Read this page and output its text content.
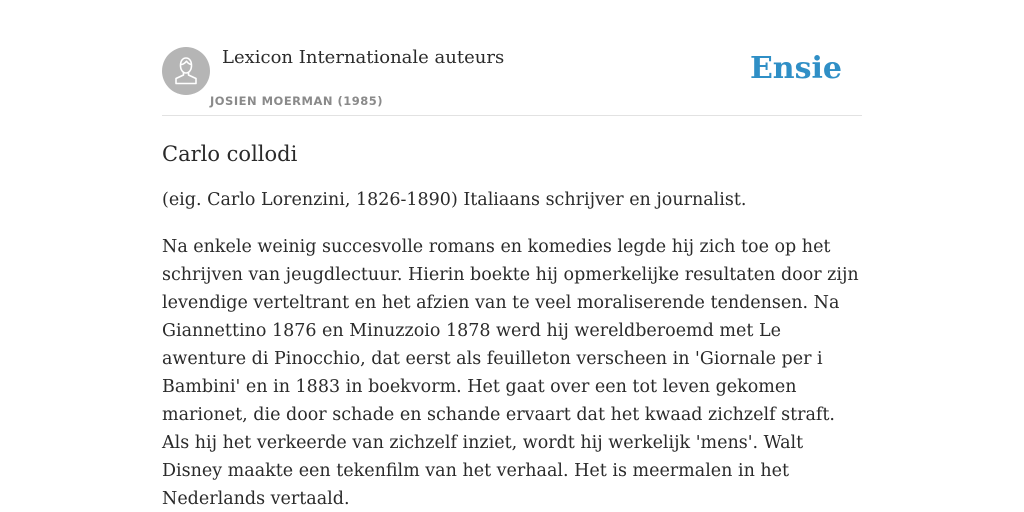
Lexicon Internationale auteurs
JOSIEN MOERMAN (1985)
Ensie
Carlo collodi

(eig. Carlo Lorenzini, 1826-1890) Italiaans schrijver en journalist.

Na enkele weinig succesvolle romans en komedies legde hij zich toe op het schrijven van jeugdlectuur. Hierin boekte hij opmerkelijke resultaten door zijn levendige verteltrant en het afzien van te veel moraliserende tendensen. Na Giannettino 1876 en Minuzzoio 1878 werd hij wereldberoemd met Le awenture di Pinocchio, dat eerst als feuilleton verscheen in 'Giornale per i Bambini' en in 1883 in boekvorm. Het gaat over een tot leven gekomen marionet, die door schade en schande ervaart dat het kwaad zichzelf straft. Als hij het verkeerde van zichzelf inziet, wordt hij werkelijk 'mens'. Walt Disney maakte een tekenfilm van het verhaal. Het is meermalen in het Nederlands vertaald.
